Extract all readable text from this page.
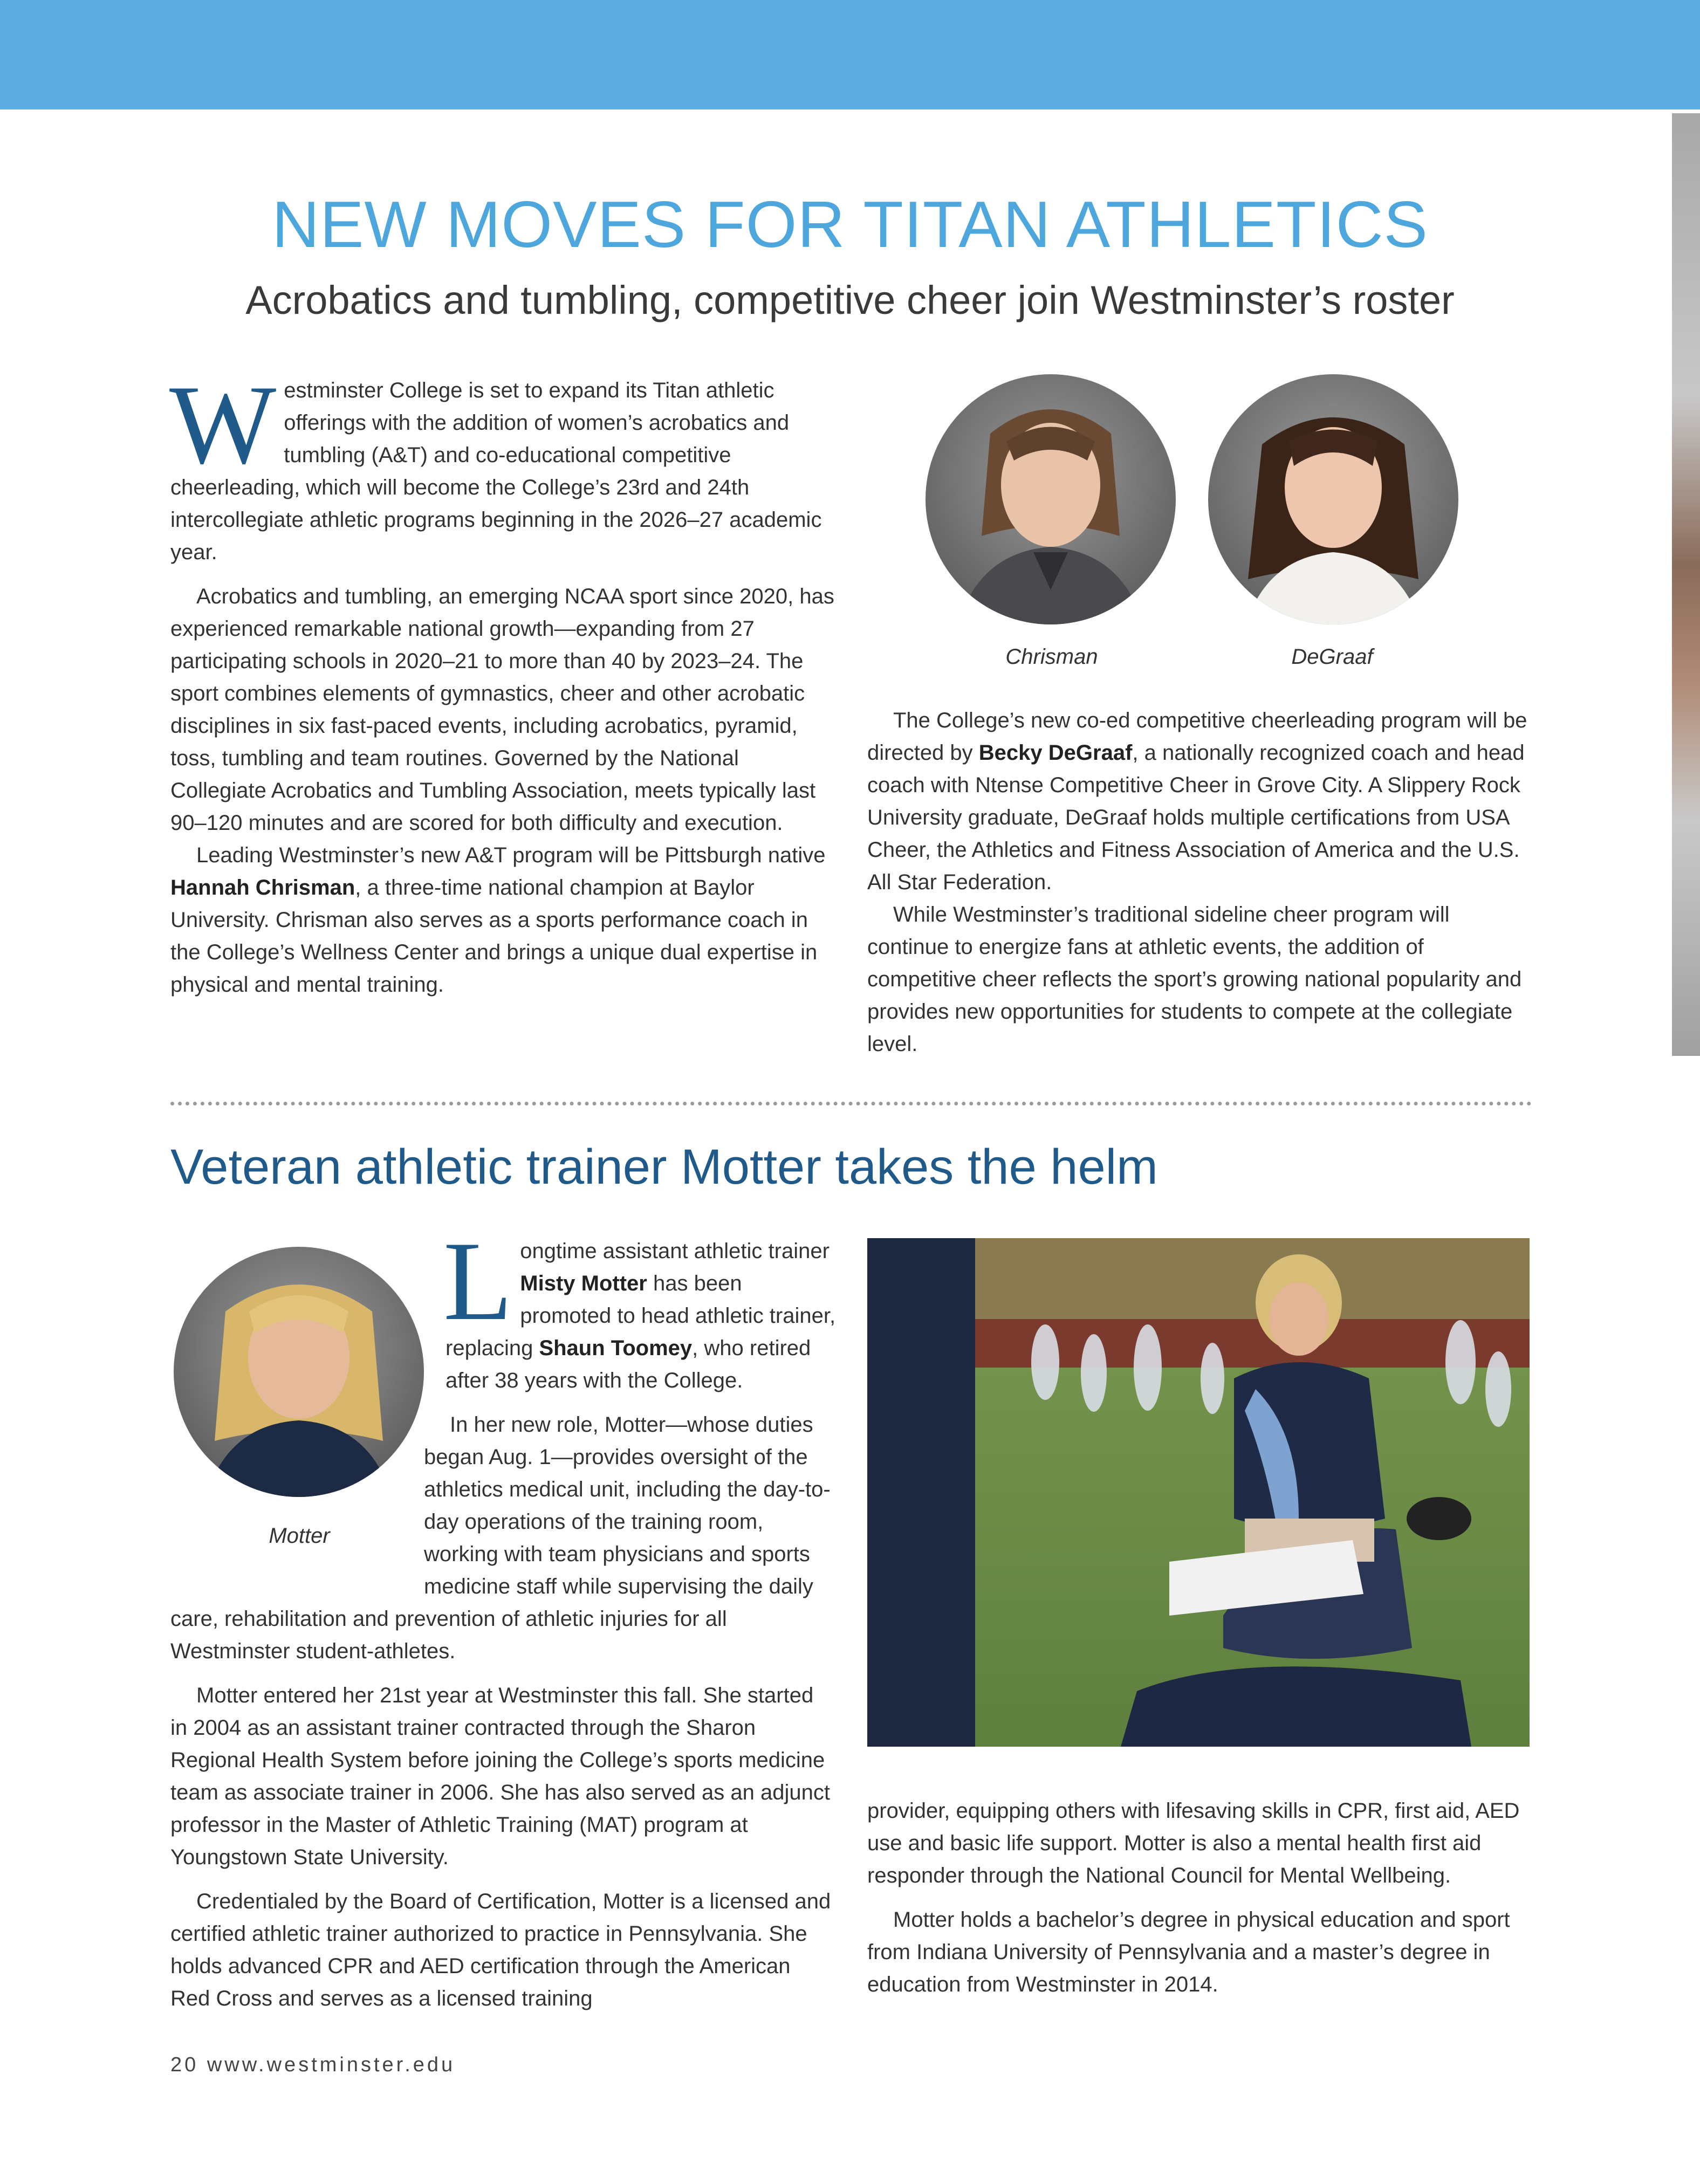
NEW MOVES FOR TITAN ATHLETICS
Acrobatics and tumbling, competitive cheer join Westminster’s roster

Westminster College is set to expand its Titan athletic offerings with the addition of women’s acrobatics and tumbling (A&T) and co-educational competitive cheerleading, which will become the College’s 23rd and 24th intercollegiate athletic programs beginning in the 2026–27 academic year.

Acrobatics and tumbling, an emerging NCAA sport since 2020, has experienced remarkable national growth—expanding from 27 participating schools in 2020–21 to more than 40 by 2023–24. The sport combines elements of gymnastics, cheer and other acrobatic disciplines in six fast-paced events, including acrobatics, pyramid, toss, tumbling and team routines. Governed by the National Collegiate Acrobatics and Tumbling Association, meets typically last 90–120 minutes and are scored for both difficulty and execution.

Leading Westminster’s new A&T program will be Pittsburgh native Hannah Chrisman, a three-time national champion at Baylor University. Chrisman also serves as a sports performance coach in the College’s Wellness Center and brings a unique dual expertise in physical and mental training.

Chrisman	DeGraaf

The College’s new co-ed competitive cheerleading program will be directed by Becky DeGraaf, a nationally recognized coach and head coach with Ntense Competitive Cheer in Grove City. A Slippery Rock University graduate, DeGraaf holds multiple certifications from USA Cheer, the Athletics and Fitness Association of America and the U.S. All Star Federation.

While Westminster’s traditional sideline cheer program will continue to energize fans at athletic events, the addition of competitive cheer reflects the sport’s growing national popularity and provides new opportunities for students to compete at the collegiate level.

Veteran athletic trainer Motter takes the helm
Motter

Longtime assistant athletic trainer Misty Motter has been promoted to head athletic trainer, replacing Shaun Toomey, who retired after 38 years with the College.

In her new role, Motter—whose duties began Aug. 1—provides oversight of the athletics medical unit, including the day-to-day operations of the training room, working with team physicians and sports medicine staff while supervising the daily care, rehabilitation and prevention of athletic injuries for all Westminster student-athletes.

Motter entered her 21st year at Westminster this fall. She started in 2004 as an assistant trainer contracted through the Sharon Regional Health System before joining the College’s sports medicine team as associate trainer in 2006. She has also served as an adjunct professor in the Master of Athletic Training (MAT) program at Youngstown State University.

Credentialed by the Board of Certification, Motter is a licensed and certified athletic trainer authorized to practice in Pennsylvania. She holds advanced CPR and AED certification through the American Red Cross and serves as a licensed training

provider, equipping others with lifesaving skills in CPR, first aid, AED use and basic life support. Motter is also a mental health first aid responder through the National Council for Mental Wellbeing.

Motter holds a bachelor’s degree in physical education and sport from Indiana University of Pennsylvania and a master’s degree in education from Westminster in 2014.

20 www.westminster.edu
